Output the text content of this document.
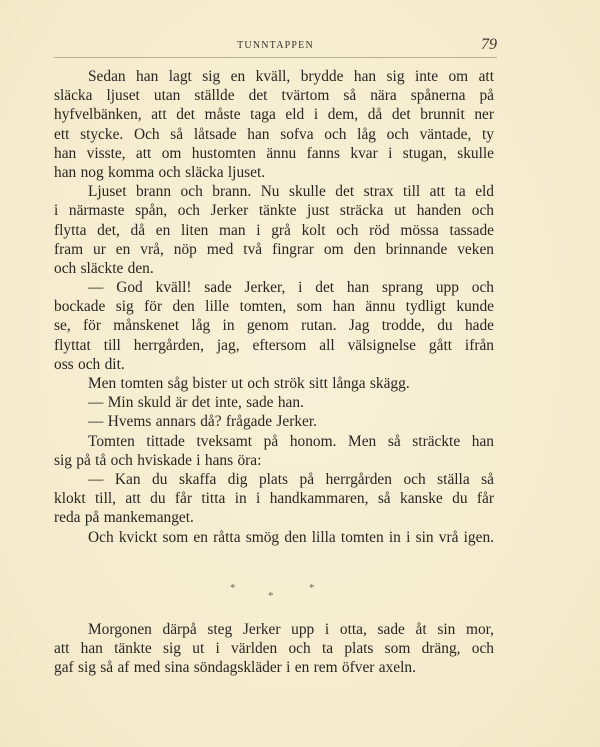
TUNNTAPPEN	79
Sedan han lagt sig en kväll, brydde han sig inte om att
släcka ljuset utan ställde det tvärtom så nära spånerna på
hyfvelbänken, att det måste taga eld i dem, då det brunnit ner
ett stycke. Och så låtsade han sofva och låg och väntade, ty
han visste, att om hustomten ännu fanns kvar i stugan, skulle
han nog komma och släcka ljuset.
Ljuset brann och brann. Nu skulle det strax till att ta eld
i närmaste spån, och Jerker tänkte just sträcka ut handen och
flytta det, då en liten man i grå kolt och röd mössa tassade
fram ur en vrå, nöp med två fingrar om den brinnande veken
och släckte den.
— God kväll! sade Jerker, i det han sprang upp och
bockade sig för den lille tomten, som han ännu tydligt kunde
se, för månskenet låg in genom rutan. Jag trodde, du hade
flyttat till herrgården, jag, eftersom all välsignelse gått ifrån
oss och dit.
Men tomten såg bister ut och strök sitt långa skägg.
— Min skuld är det inte, sade han.
— Hvems annars då? frågade Jerker.
Tomten tittade tveksamt på honom. Men så sträckte han
sig på tå och hviskade i hans öra:
— Kan du skaffa dig plats på herrgården och ställa så
klokt till, att du får titta in i handkammaren, så kanske du får
reda på mankemanget.
Och kvickt som en råtta smög den lilla tomten in i sin vrå igen.
*
*
*
Morgonen därpå steg Jerker upp i otta, sade åt sin mor,
att han tänkte sig ut i världen och ta plats som dräng, och
gaf sig så af med sina söndagskläder i en rem öfver axeln.
